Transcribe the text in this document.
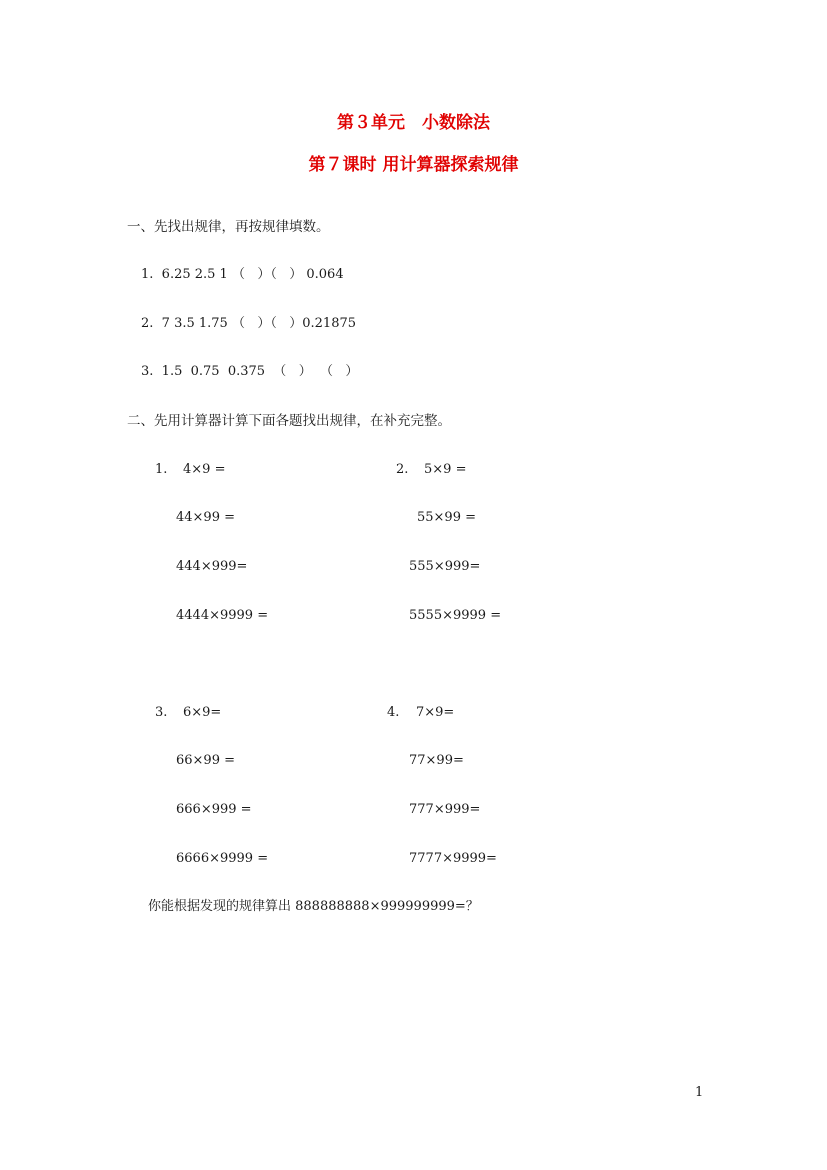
第３单元　小数除法
第７课时 用计算器探索规律
一、先找出规律，再按规律填数。
1.  6.25 2.5 1 （   ）（   ） 0.064
2.  7 3.5 1.75 （   ）（   ）0.21875
3.  1.5  0.75  0.375  （   ）  （   ）
二、先用计算器计算下面各题找出规律，在补充完整。
1. 4×9 =
44×99 =
444×999=
4444×9999 =
2. 5×9 =
55×99 =
555×999=
5555×9999 =
3. 6×9=
66×99 =
666×999 =
6666×9999 =
4. 7×9=
77×99=
777×999=
7777×9999=
你能根据发现的规律算出 888888888×999999999=？
1
